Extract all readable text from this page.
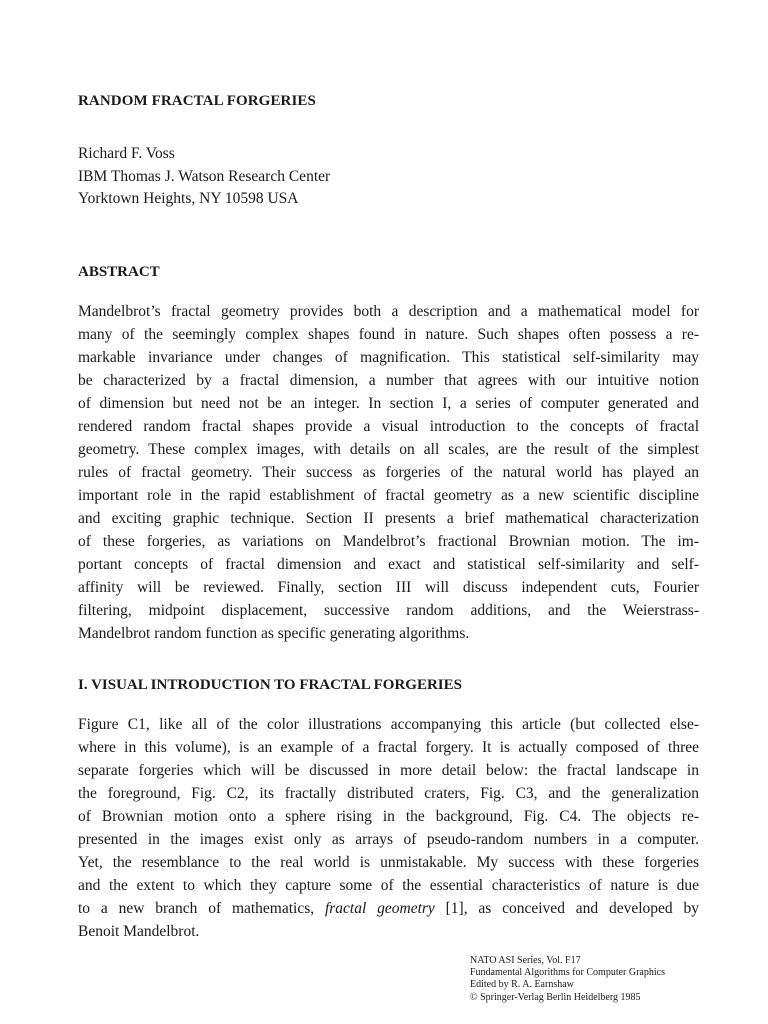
RANDOM FRACTAL FORGERIES
Richard F. Voss
IBM Thomas J. Watson Research Center
Yorktown Heights, NY 10598 USA
ABSTRACT
Mandelbrot’s fractal geometry provides both a description and a mathematical model for
many of the seemingly complex shapes found in nature. Such shapes often possess a re-
markable invariance under changes of magnification. This statistical self-similarity may
be characterized by a fractal dimension, a number that agrees with our intuitive notion
of dimension but need not be an integer. In section I, a series of computer generated and
rendered random fractal shapes provide a visual introduction to the concepts of fractal
geometry. These complex images, with details on all scales, are the result of the simplest
rules of fractal geometry. Their success as forgeries of the natural world has played an
important role in the rapid establishment of fractal geometry as a new scientific discipline
and exciting graphic technique. Section II presents a brief mathematical characterization
of these forgeries, as variations on Mandelbrot’s fractional Brownian motion. The im-
portant concepts of fractal dimension and exact and statistical self-similarity and self-
affinity will be reviewed. Finally, section III will discuss independent cuts, Fourier
filtering, midpoint displacement, successive random additions, and the Weierstrass-
Mandelbrot random function as specific generating algorithms.
I. VISUAL INTRODUCTION TO FRACTAL FORGERIES
Figure C1, like all of the color illustrations accompanying this article (but collected else-
where in this volume), is an example of a fractal forgery. It is actually composed of three
separate forgeries which will be discussed in more detail below: the fractal landscape in
the foreground, Fig. C2, its fractally distributed craters, Fig. C3, and the generalization
of Brownian motion onto a sphere rising in the background, Fig. C4. The objects re-
presented in the images exist only as arrays of pseudo-random numbers in a computer.
Yet, the resemblance to the real world is unmistakable. My success with these forgeries
and the extent to which they capture some of the essential characteristics of nature is due
to a new branch of mathematics, fractal geometry [1], as conceived and developed by
Benoit Mandelbrot.
NATO ASI Series, Vol. F17
Fundamental Algorithms for Computer Graphics
Edited by R. A. Earnshaw
© Springer-Verlag Berlin Heidelberg 1985
